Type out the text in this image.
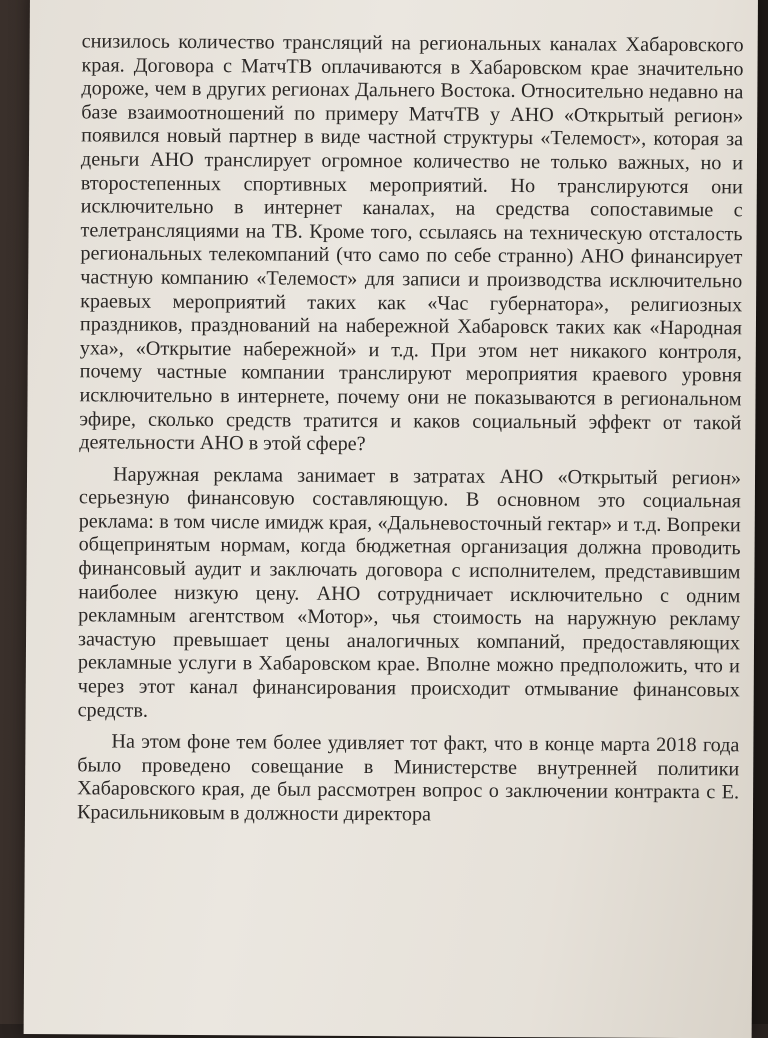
снизилось количество трансляций на региональных каналах Хабаровского края. Договора с МатчТВ оплачиваются в Хабаровском крае значительно дороже, чем в других регионах Дальнего Востока. Относительно недавно на базе взаимоотношений по примеру МатчТВ у АНО «Открытый регион» появился новый партнер в виде частной структуры «Телемост», которая за деньги АНО транслирует огромное количество не только важных, но и второстепенных спортивных мероприятий. Но транслируются они исключительно в интернет каналах, на средства сопоставимые с телетрансляциями на ТВ. Кроме того, ссылаясь на техническую отсталость региональных телекомпаний (что само по себе странно) АНО финансирует частную компанию «Телемост» для записи и производства исключительно краевых мероприятий таких как «Час губернатора», религиозных праздников, празднований на набережной Хабаровск таких как «Народная уха», «Открытие набережной» и т.д. При этом нет никакого контроля, почему частные компании транслируют мероприятия краевого уровня исключительно в интернете, почему они не показываются в региональном эфире, сколько средств тратится и каков социальный эффект от такой деятельности АНО в этой сфере?

Наружная реклама занимает в затратах АНО «Открытый регион» серьезную финансовую составляющую. В основном это социальная реклама: в том числе имидж края, «Дальневосточный гектар» и т.д. Вопреки общепринятым нормам, когда бюджетная организация должна проводить финансовый аудит и заключать договора с исполнителем, представившим наиболее низкую цену. АНО сотрудничает исключительно с одним рекламным агентством «Мотор», чья стоимость на наружную рекламу зачастую превышает цены аналогичных компаний, предоставляющих рекламные услуги в Хабаровском крае. Вполне можно предположить, что и через этот канал финансирования происходит отмывание финансовых средств.

На этом фоне тем более удивляет тот факт, что в конце марта 2018 года было проведено совещание в Министерстве внутренней политики Хабаровского края, де был рассмотрен вопрос о заключении контракта с Е. Красильниковым в должности директора
